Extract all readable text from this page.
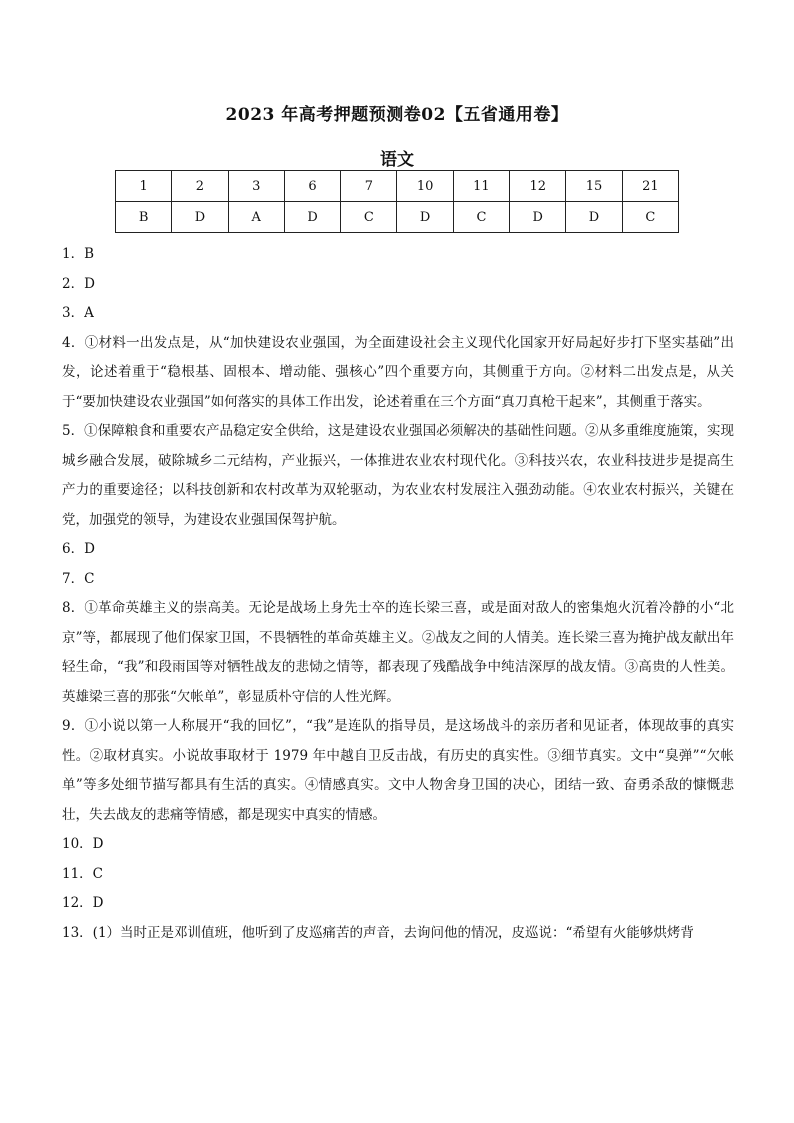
2023 年高考押题预测卷02【五省通用卷】
语文
1	2	3	6	7	10	11	12	15	21
B	D	A	D	C	D	C	D	D	C

1．B

2．D

3．A

4．①材料一出发点是，从“加快建设农业强国，为全面建设社会主义现代化国家开好局起好步打下坚实基础”出发，论述着重于“稳根基、固根本、增动能、强核心”四个重要方向，其侧重于方向。②材料二出发点是，从关于“要加快建设农业强国”如何落实的具体工作出发，论述着重在三个方面“真刀真枪干起来”，其侧重于落实。

5．①保障粮食和重要农产品稳定安全供给，这是建设农业强国必须解决的基础性问题。②从多重维度施策，实现城乡融合发展，破除城乡二元结构，产业振兴，一体推进农业农村现代化。③科技兴农，农业科技进步是提高生产力的重要途径；以科技创新和农村改革为双轮驱动，为农业农村发展注入强劲动能。④农业农村振兴，关键在党，加强党的领导，为建设农业强国保驾护航。

6．D

7．C

8．①革命英雄主义的崇高美。无论是战场上身先士卒的连长梁三喜，或是面对敌人的密集炮火沉着冷静的小“北京”等，都展现了他们保家卫国，不畏牺牲的革命英雄主义。②战友之间的人情美。连长梁三喜为掩护战友献出年轻生命，“我”和段雨国等对牺牲战友的悲恸之情等，都表现了残酷战争中纯洁深厚的战友情。③高贵的人性美。英雄梁三喜的那张“欠帐单”，彰显质朴守信的人性光辉。

9．①小说以第一人称展开“我的回忆”，“我”是连队的指导员，是这场战斗的亲历者和见证者，体现故事的真实性。②取材真实。小说故事取材于 1979 年中越自卫反击战，有历史的真实性。③细节真实。文中“臭弹”“欠帐单”等多处细节描写都具有生活的真实。④情感真实。文中人物舍身卫国的决心，团结一致、奋勇杀敌的慷慨悲壮，失去战友的悲痛等情感，都是现实中真实的情感。

10．D

11．C

12．D

13．(1）当时正是邓训值班，他听到了皮巡痛苦的声音，去询问他的情况，皮巡说：“希望有火能够烘烤背
